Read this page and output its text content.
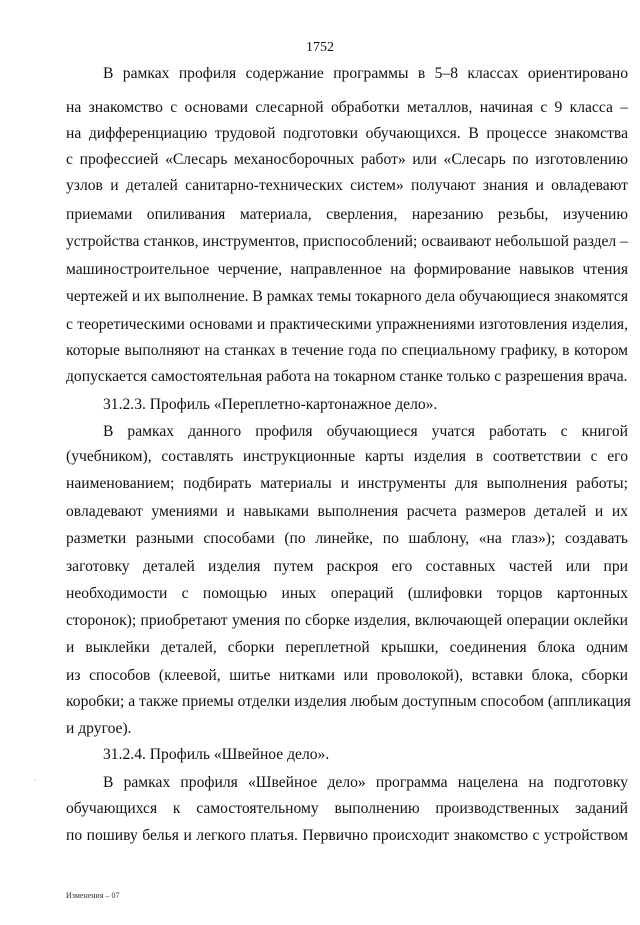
1752
В рамках профиля содержание программы в 5–8 классах ориентировано
на знакомство с основами слесарной обработки металлов, начиная с 9 класса –
на дифференциацию трудовой подготовки обучающихся. В процессе знакомства
с профессией «Слесарь механосборочных работ» или «Слесарь по изготовлению
узлов и деталей санитарно-технических систем» получают знания и овладевают
приемами опиливания материала, сверления, нарезанию резьбы, изучению
устройства станков, инструментов, приспособлений; осваивают небольшой раздел –
машиностроительное черчение, направленное на формирование навыков чтения
чертежей и их выполнение. В рамках темы токарного дела обучающиеся знакомятся
с теоретическими основами и практическими упражнениями изготовления изделия,
которые выполняют на станках в течение года по специальному графику, в котором
допускается самостоятельная работа на токарном станке только с разрешения врача.
31.2.3. Профиль «Переплетно-картонажное дело».
В рамках данного профиля обучающиеся учатся работать с книгой
(учебником), составлять инструкционные карты изделия в соответствии с его
наименованием; подбирать материалы и инструменты для выполнения работы;
овладевают умениями и навыками выполнения расчета размеров деталей и их
разметки разными способами (по линейке, по шаблону, «на глаз»); создавать
заготовку деталей изделия путем раскроя его составных частей или при
необходимости с помощью иных операций (шлифовки торцов картонных
сторонок); приобретают умения по сборке изделия, включающей операции оклейки
и выклейки деталей, сборки переплетной крышки, соединения блока одним
из способов (клеевой, шитье нитками или проволокой), вставки блока, сборки
коробки; а также приемы отделки изделия любым доступным способом (аппликация
и другое).
31.2.4. Профиль «Швейное дело».
В рамках профиля «Швейное дело» программа нацелена на подготовку
обучающихся к самостоятельному выполнению производственных заданий
по пошиву белья и легкого платья. Первично происходит знакомство с устройством
·
Изменения – 07
